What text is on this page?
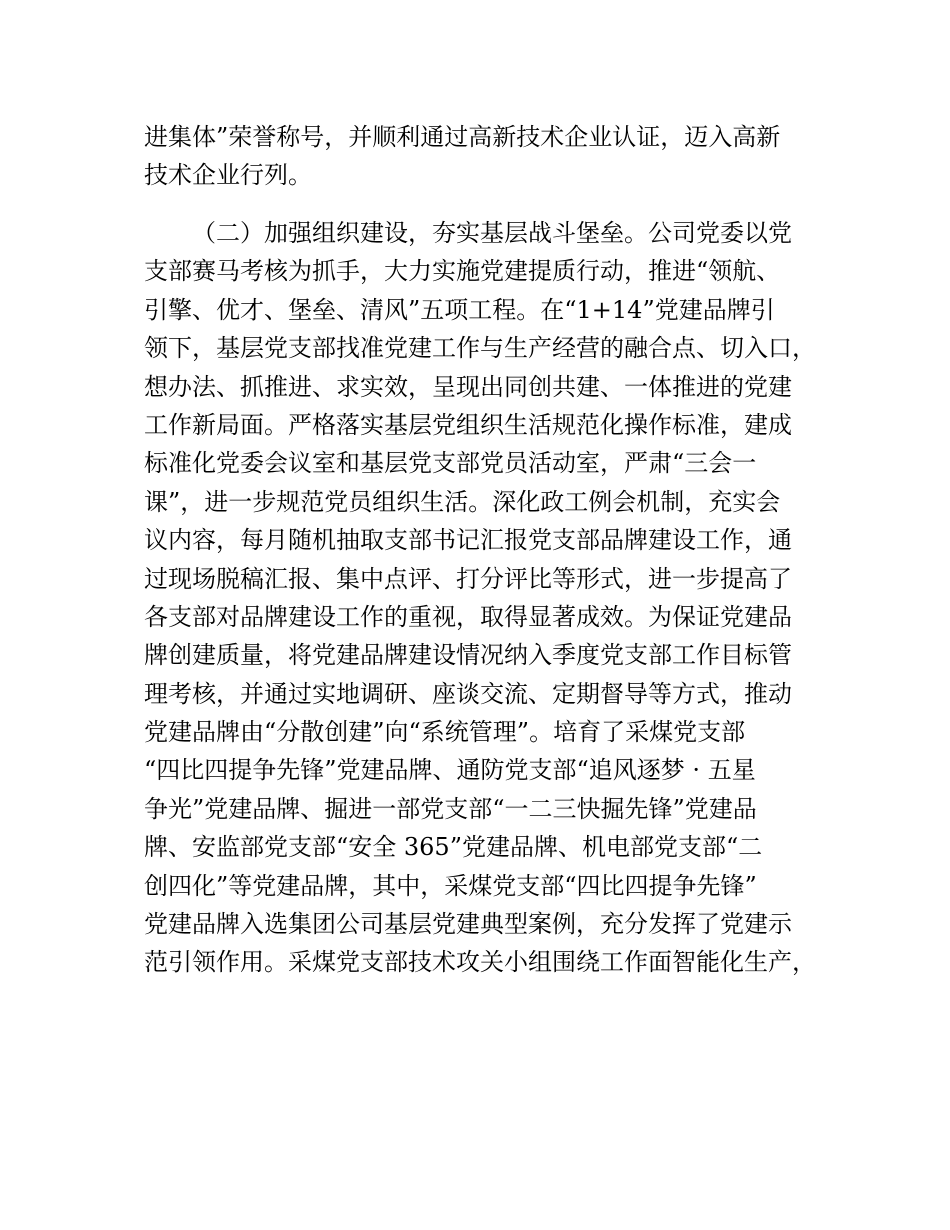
进集体”荣誉称号，并顺利通过高新技术企业认证，迈入高新
技术企业行列。
（二）加强组织建设，夯实基层战斗堡垒。公司党委以党
支部赛马考核为抓手，大力实施党建提质行动，推进“领航、
引擎、优才、堡垒、清风”五项工程。在“1+14”党建品牌引
领下，基层党支部找准党建工作与生产经营的融合点、切入口，
想办法、抓推进、求实效，呈现出同创共建、一体推进的党建
工作新局面。严格落实基层党组织生活规范化操作标准，建成
标准化党委会议室和基层党支部党员活动室，严肃“三会一
课”，进一步规范党员组织生活。深化政工例会机制，充实会
议内容，每月随机抽取支部书记汇报党支部品牌建设工作，通
过现场脱稿汇报、集中点评、打分评比等形式，进一步提高了
各支部对品牌建设工作的重视，取得显著成效。为保证党建品
牌创建质量，将党建品牌建设情况纳入季度党支部工作目标管
理考核，并通过实地调研、座谈交流、定期督导等方式，推动
党建品牌由“分散创建”向“系统管理”。培育了采煤党支部
“四比四提争先锋”党建品牌、通防党支部“追风逐梦 · 五星
争光”党建品牌、掘进一部党支部“一二三快掘先锋”党建品
牌、安监部党支部“安全 365”党建品牌、机电部党支部“二
创四化”等党建品牌，其中，采煤党支部“四比四提争先锋”
党建品牌入选集团公司基层党建典型案例，充分发挥了党建示
范引领作用。采煤党支部技术攻关小组围绕工作面智能化生产，
